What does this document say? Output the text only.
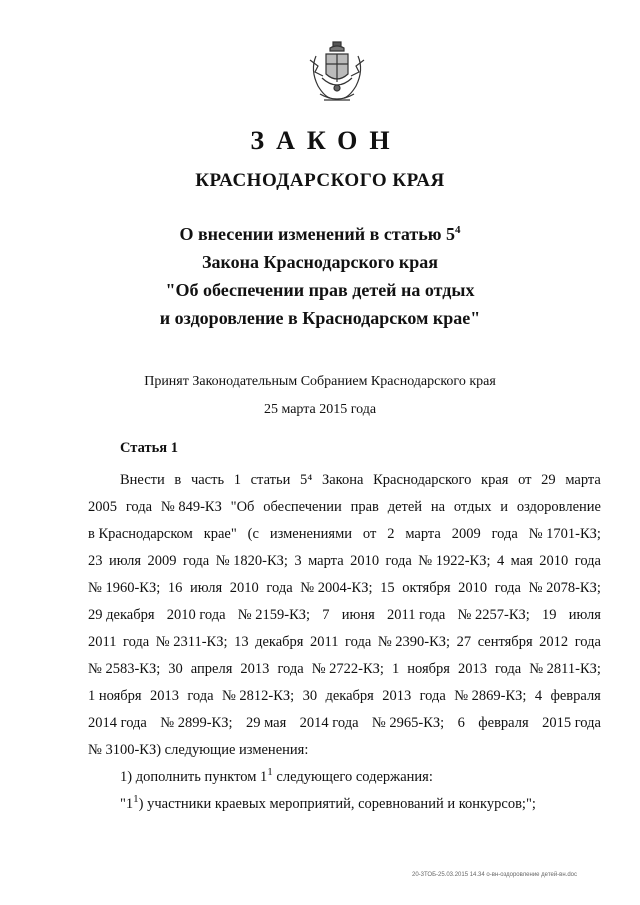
ЗАКОН
КРАСНОДАРСКОГО КРАЯ
О внесении изменений в статью $5^4$
Закона Краснодарского края
"Об обеспечении прав детей на отдых
и оздоровление в Краснодарском крае"
Принят Законодательным Собранием Краснодарского края
25 марта 2015 года
Статья 1
Внести в часть 1 статьи 5⁴ Закона Краснодарского края от 29 марта
2005 года № 849-КЗ "Об обеспечении прав детей на отдых и оздоровление
в Краснодарском крае" (с изменениями от 2 марта 2009 года № 1701-КЗ;
23 июля 2009 года № 1820-КЗ; 3 марта 2010 года № 1922-КЗ; 4 мая 2010 года
№ 1960-КЗ; 16 июля 2010 года № 2004-КЗ; 15 октября 2010 года № 2078-КЗ;
29 декабря 2010 года № 2159-КЗ; 7 июня 2011 года № 2257-КЗ; 19 июля
2011 года № 2311-КЗ; 13 декабря 2011 года № 2390-КЗ; 27 сентября 2012 года
№ 2583-КЗ; 30 апреля 2013 года № 2722-КЗ; 1 ноября 2013 года № 2811-КЗ;
1 ноября 2013 года № 2812-КЗ; 30 декабря 2013 года № 2869-КЗ; 4 февраля
2014 года № 2899-КЗ; 29 мая 2014 года № 2965-КЗ; 6 февраля 2015 года
№ 3100-КЗ) следующие изменения:
1) дополнить пунктом $1^1$ следующего содержания:
"$1^1$) участники краевых мероприятий, соревнований и конкурсов;";
20-3ТОБ-25.03.2015 14.34 о-вн-оздоровление детей-вн.doc
